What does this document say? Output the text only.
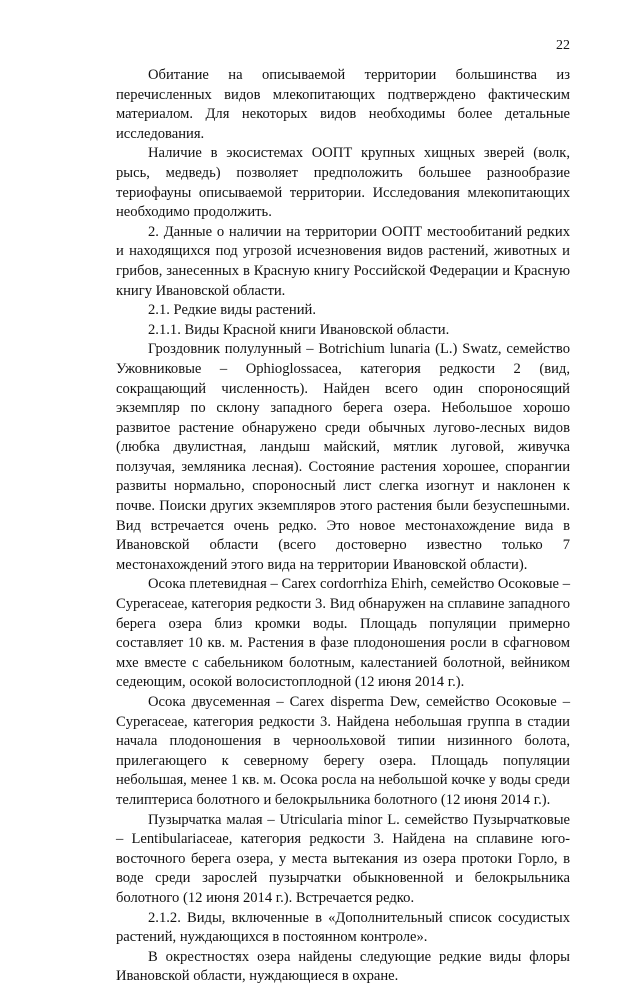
22

Обитание на описываемой территории большинства из перечисленных видов млекопитающих подтверждено фактическим материалом. Для некоторых видов необходимы более детальные исследования.

Наличие в экосистемах ООПТ крупных хищных зверей (волк, рысь, медведь) позволяет предположить большее разнообразие териофауны описываемой территории. Исследования млекопитающих необходимо продолжить.

2. Данные о наличии на территории ООПТ местообитаний редких и находящихся под угрозой исчезновения видов растений, животных и грибов, занесенных в Красную книгу Российской Федерации и Красную книгу Ивановской области.

2.1. Редкие виды растений.

2.1.1. Виды Красной книги Ивановской области.

Гроздовник полулунный – Botrichium lunaria (L.) Swatz, семейство Ужовниковые – Ophioglossacea, категория редкости 2 (вид, сокращающий численность). Найден всего один спороносящий экземпляр по склону западного берега озера. Небольшое хорошо развитое растение обнаружено среди обычных лугово-лесных видов (любка двулистная, ландыш майский, мятлик луговой, живучка ползучая, земляника лесная). Состояние растения хорошее, спорангии развиты нормально, спороносный лист слегка изогнут и наклонен к почве. Поиски других экземпляров этого растения были безуспешными. Вид встречается очень редко. Это новое местонахождение вида в Ивановской области (всего достоверно известно только 7 местонахождений этого вида на территории Ивановской области).

Осока плетевидная – Carex cordorrhiza Ehirh, семейство Осоковые – Cyperaceae, категория редкости 3. Вид обнаружен на сплавине западного берега озера близ кромки воды. Площадь популяции примерно составляет 10 кв. м. Растения в фазе плодоношения росли в сфагновом мхе вместе с сабельником болотным, калестанией болотной, вейником седеющим, осокой волосистоплодной (12 июня 2014 г.).

Осока двусеменная – Carex disperma Dew, семейство Осоковые – Cyperaceae, категория редкости 3. Найдена небольшая группа в стадии начала плодоношения в черноольховой типии низинного болота, прилегающего к северному берегу озера. Площадь популяции небольшая, менее 1 кв. м. Осока росла на небольшой кочке у воды среди телиптериса болотного и белокрыльника болотного (12 июня 2014 г.).

Пузырчатка малая – Utricularia minor L. семейство Пузырчатковые – Lentibulariaceae, категория редкости 3. Найдена на сплавине юго-восточного берега озера, у места вытекания из озера протоки Горло, в воде среди зарослей пузырчатки обыкновенной и белокрыльника болотного (12 июня 2014 г.). Встречается редко.

2.1.2. Виды, включенные в «Дополнительный список сосудистых растений, нуждающихся в постоянном контроле».

В окрестностях озера найдены следующие редкие виды флоры Ивановской области, нуждающиеся в охране.
